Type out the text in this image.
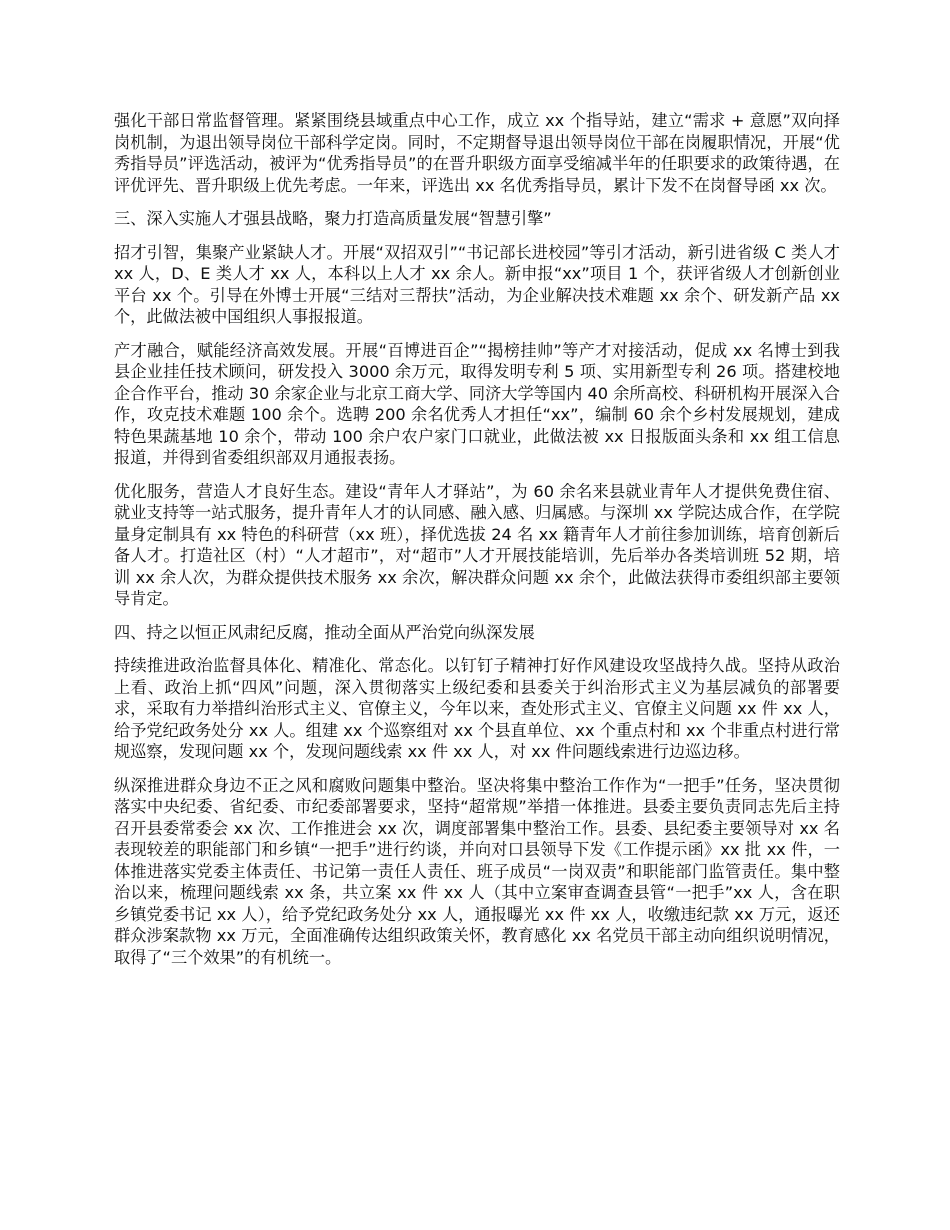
强化干部日常监督管理。紧紧围绕县域重点中心工作，成立 xx 个指导站，建立“需求 + 意愿”双向择岗机制，为退出领导岗位干部科学定岗。同时，不定期督导退出领导岗位干部在岗履职情况，开展“优秀指导员”评选活动，被评为“优秀指导员”的在晋升职级方面享受缩减半年的任职要求的政策待遇，在评优评先、晋升职级上优先考虑。一年来，评选出 xx 名优秀指导员，累计下发不在岗督导函 xx 次。

三、深入实施人才强县战略，聚力打造高质量发展“智慧引擎”

招才引智，集聚产业紧缺人才。开展“双招双引”“书记部长进校园”等引才活动，新引进省级 C 类人才 xx 人，D、E 类人才 xx 人，本科以上人才 xx 余人。新申报“xx”项目 1 个，获评省级人才创新创业平台 xx 个。引导在外博士开展“三结对三帮扶”活动，为企业解决技术难题 xx 余个、研发新产品 xx 个，此做法被中国组织人事报报道。

产才融合，赋能经济高效发展。开展“百博进百企”“揭榜挂帅”等产才对接活动，促成 xx 名博士到我县企业挂任技术顾问，研发投入 3000 余万元，取得发明专利 5 项、实用新型专利 26 项。搭建校地企合作平台，推动 30 余家企业与北京工商大学、同济大学等国内 40 余所高校、科研机构开展深入合作，攻克技术难题 100 余个。选聘 200 余名优秀人才担任“xx”，编制 60 余个乡村发展规划，建成特色果蔬基地 10 余个，带动 100 余户农户家门口就业，此做法被 xx 日报版面头条和 xx 组工信息报道，并得到省委组织部双月通报表扬。

优化服务，营造人才良好生态。建设“青年人才驿站”，为 60 余名来县就业青年人才提供免费住宿、就业支持等一站式服务，提升青年人才的认同感、融入感、归属感。与深圳 xx 学院达成合作，在学院量身定制具有 xx 特色的科研营（xx 班），择优选拔 24 名 xx 籍青年人才前往参加训练，培育创新后备人才。打造社区（村）“人才超市”，对“超市”人才开展技能培训，先后举办各类培训班 52 期，培训 xx 余人次，为群众提供技术服务 xx 余次，解决群众问题 xx 余个，此做法获得市委组织部主要领导肯定。

四、持之以恒正风肃纪反腐，推动全面从严治党向纵深发展

持续推进政治监督具体化、精准化、常态化。以钉钉子精神打好作风建设攻坚战持久战。坚持从政治上看、政治上抓“四风”问题，深入贯彻落实上级纪委和县委关于纠治形式主义为基层减负的部署要求，采取有力举措纠治形式主义、官僚主义，今年以来，查处形式主义、官僚主义问题 xx 件 xx 人，给予党纪政务处分 xx 人。组建 xx 个巡察组对 xx 个县直单位、xx 个重点村和 xx 个非重点村进行常规巡察，发现问题 xx 个，发现问题线索 xx 件 xx 人，对 xx 件问题线索进行边巡边移。

纵深推进群众身边不正之风和腐败问题集中整治。坚决将集中整治工作作为“一把手”任务，坚决贯彻落实中央纪委、省纪委、市纪委部署要求，坚持“超常规”举措一体推进。县委主要负责同志先后主持召开县委常委会 xx 次、工作推进会 xx 次，调度部署集中整治工作。县委、县纪委主要领导对 xx 名表现较差的职能部门和乡镇“一把手”进行约谈，并向对口县领导下发《工作提示函》xx 批 xx 件，一体推进落实党委主体责任、书记第一责任人责任、班子成员“一岗双责”和职能部门监管责任。集中整治以来，梳理问题线索 xx 条，共立案 xx 件 xx 人（其中立案审查调查县管“一把手”xx 人，含在职乡镇党委书记 xx 人），给予党纪政务处分 xx 人，通报曝光 xx 件 xx 人，收缴违纪款 xx 万元，返还群众涉案款物 xx 万元，全面准确传达组织政策关怀，教育感化 xx 名党员干部主动向组织说明情况，取得了“三个效果”的有机统一。
